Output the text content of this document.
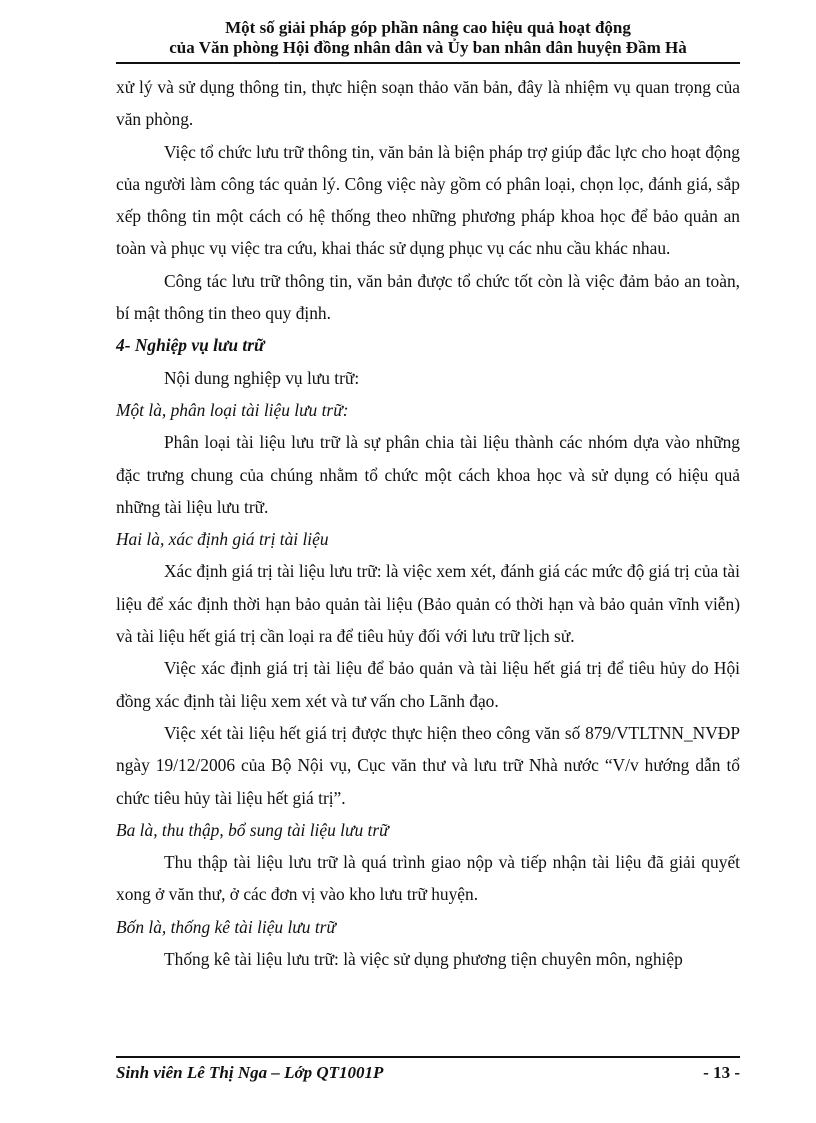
Một số giải pháp góp phần nâng cao hiệu quả hoạt động
của Văn phòng Hội đồng nhân dân và Ủy ban nhân dân huyện Đầm Hà

xử lý và sử dụng thông tin, thực hiện soạn thảo văn bản, đây là nhiệm vụ quan trọng của văn phòng.

Việc tổ chức lưu trữ thông tin, văn bản là biện pháp trợ giúp đắc lực cho hoạt động của người làm công tác quản lý. Công việc này gồm có phân loại, chọn lọc, đánh giá, sắp xếp thông tin một cách có hệ thống theo những phương pháp khoa học để bảo quản an toàn và phục vụ việc tra cứu, khai thác sử dụng phục vụ các nhu cầu khác nhau.

Công tác lưu trữ thông tin, văn bản được tổ chức tốt còn là việc đảm bảo an toàn, bí mật thông tin theo quy định.

4- Nghiệp vụ lưu trữ

Nội dung nghiệp vụ lưu trữ:

Một là, phân loại tài liệu lưu trữ:

Phân loại tài liệu lưu trữ là sự phân chia tài liệu thành các nhóm dựa vào những đặc trưng chung của chúng nhằm tổ chức một cách khoa học và sử dụng có hiệu quả những tài liệu lưu trữ.

Hai là, xác định giá trị tài liệu

Xác định giá trị tài liệu lưu trữ: là việc xem xét, đánh giá các mức độ giá trị của tài liệu để xác định thời hạn bảo quản tài liệu (Bảo quản có thời hạn và bảo quản vĩnh viễn) và tài liệu hết giá trị cần loại ra để tiêu hủy đối với lưu trữ lịch sử.

Việc xác định giá trị tài liệu để bảo quản và tài liệu hết giá trị để tiêu hủy do Hội đồng xác định tài liệu xem xét và tư vấn cho Lãnh đạo.

Việc xét tài liệu hết giá trị được thực hiện theo công văn số 879/VTLTNN_NVĐP ngày 19/12/2006 của Bộ Nội vụ, Cục văn thư và lưu trữ Nhà nước “V/v hướng dẫn tổ chức tiêu hủy tài liệu hết giá trị”.

Ba là, thu thập, bổ sung tài liệu lưu trữ

Thu thập tài liệu lưu trữ là quá trình giao nộp và tiếp nhận tài liệu đã giải quyết xong ở văn thư, ở các đơn vị vào kho lưu trữ huyện.

Bốn là, thống kê tài liệu lưu trữ

Thống kê tài liệu lưu trữ: là việc sử dụng phương tiện chuyên môn, nghiệp

Sinh viên Lê Thị Nga – Lớp QT1001P	- 13 -
